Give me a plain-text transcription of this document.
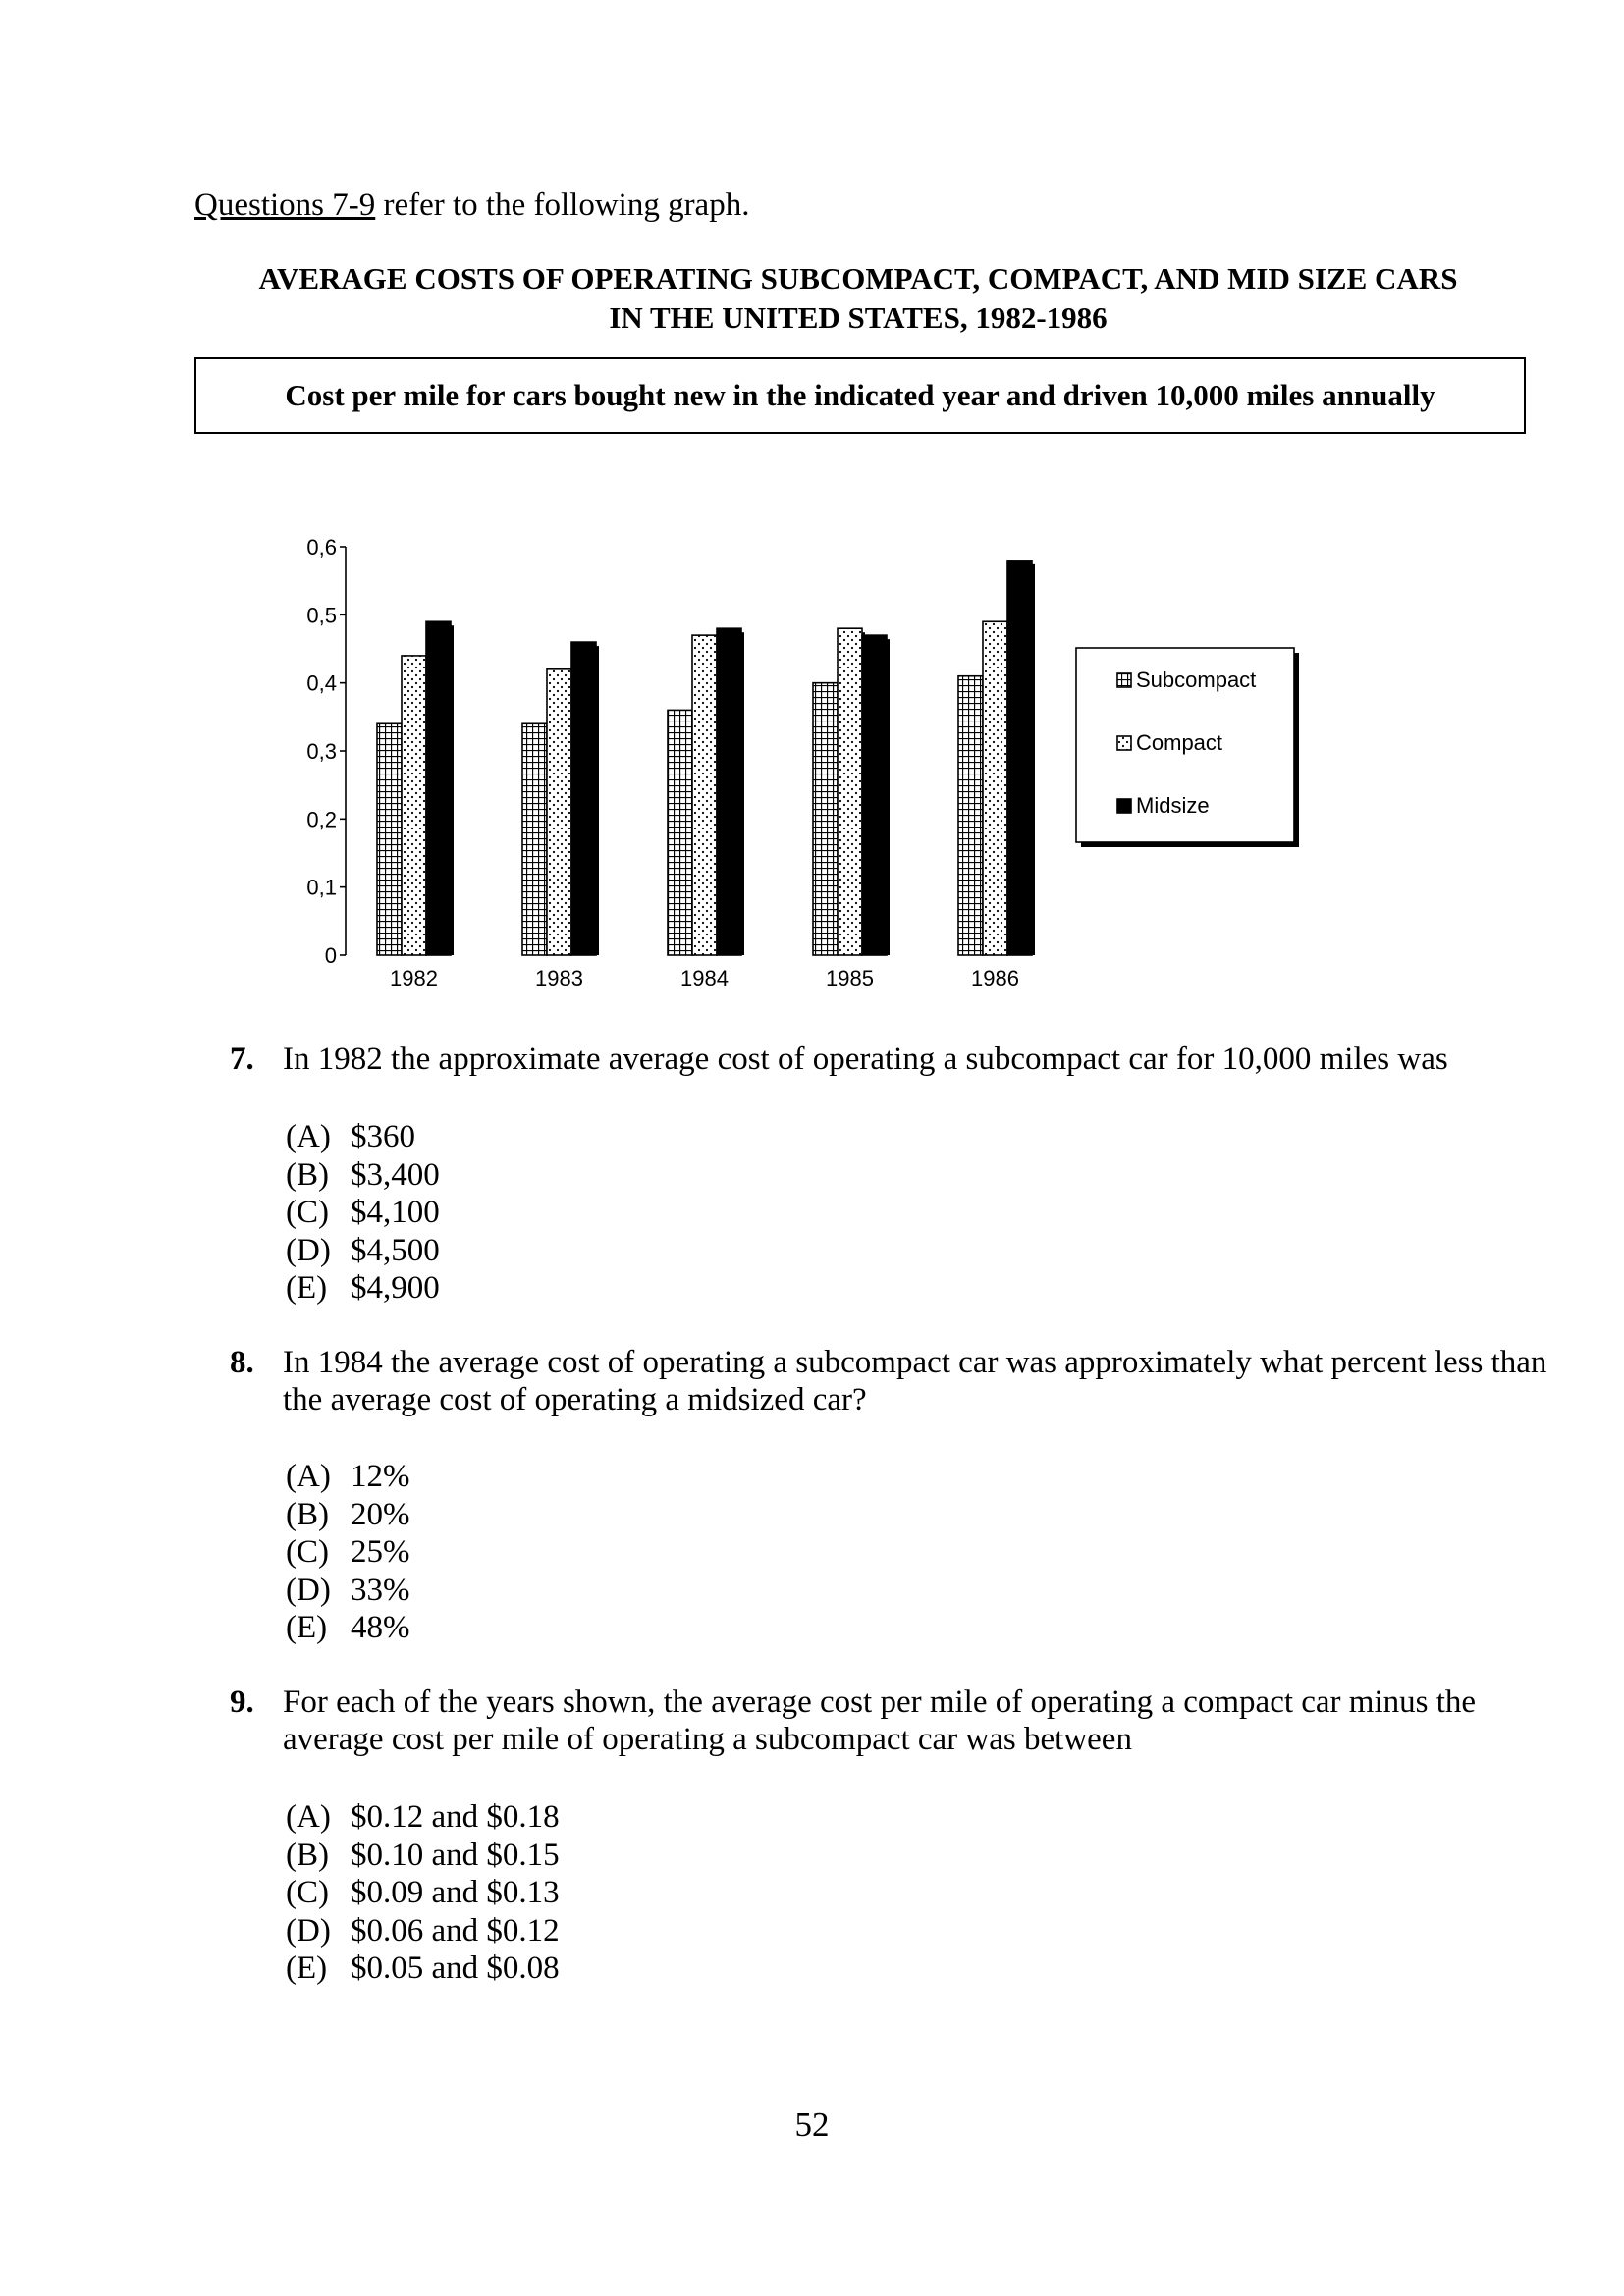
Questions 7-9 refer to the following graph.
AVERAGE COSTS OF OPERATING SUBCOMPACT, COMPACT, AND MID SIZE CARS
IN THE UNITED STATES, 1982-1986
Cost per mile for cars bought new in the indicated year and driven 10,000 miles annually
0
0,1
0,2
0,3
0,4
0,5
0,6
1982	1983	1984	1985	1986
Subcompact
Compact
Midsize
7. In 1982 the approximate average cost of operating a subcompact car for 10,000 miles was
(A) $360
(B) $3,400
(C) $4,100
(D) $4,500
(E) $4,900
8. In 1984 the average cost of operating a subcompact car was approximately what percent less than the average cost of operating a midsized car?
(A) 12%
(B) 20%
(C) 25%
(D) 33%
(E) 48%
9. For each of the years shown, the average cost per mile of operating a compact car minus the average cost per mile of operating a subcompact car was between
(A) $0.12 and $0.18
(B) $0.10 and $0.15
(C) $0.09 and $0.13
(D) $0.06 and $0.12
(E) $0.05 and $0.08
52
